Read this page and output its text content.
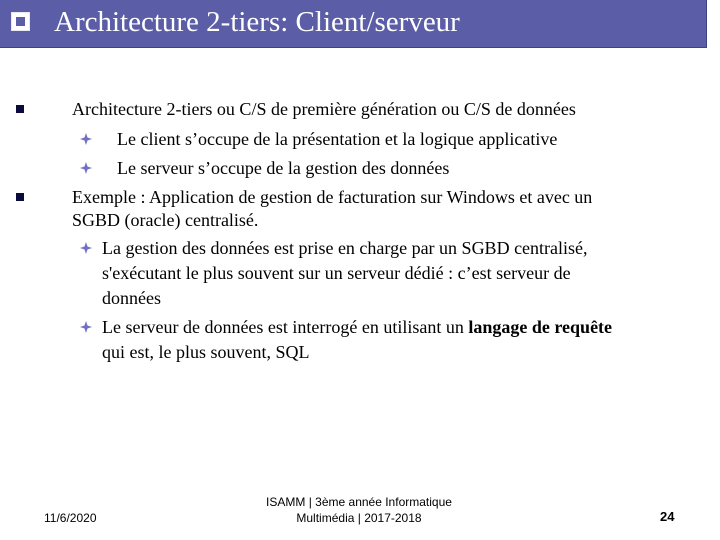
Architecture 2-tiers: Client/serveur
Architecture 2-tiers ou C/S de première génération ou C/S de données
Le client s’occupe de la présentation et la logique applicative
Le serveur s’occupe de la gestion des données
Exemple : Application de gestion de facturation sur Windows et avec un
SGBD (oracle) centralisé.
La gestion des données est prise en charge par un SGBD centralisé,
s'exécutant le plus souvent sur un serveur dédié : c’est serveur de
données
Le serveur de données est interrogé en utilisant un langage de requête
qui est, le plus souvent, SQL
11/6/2020
ISAMM | 3ème année Informatique
Multimédia | 2017-2018	24
